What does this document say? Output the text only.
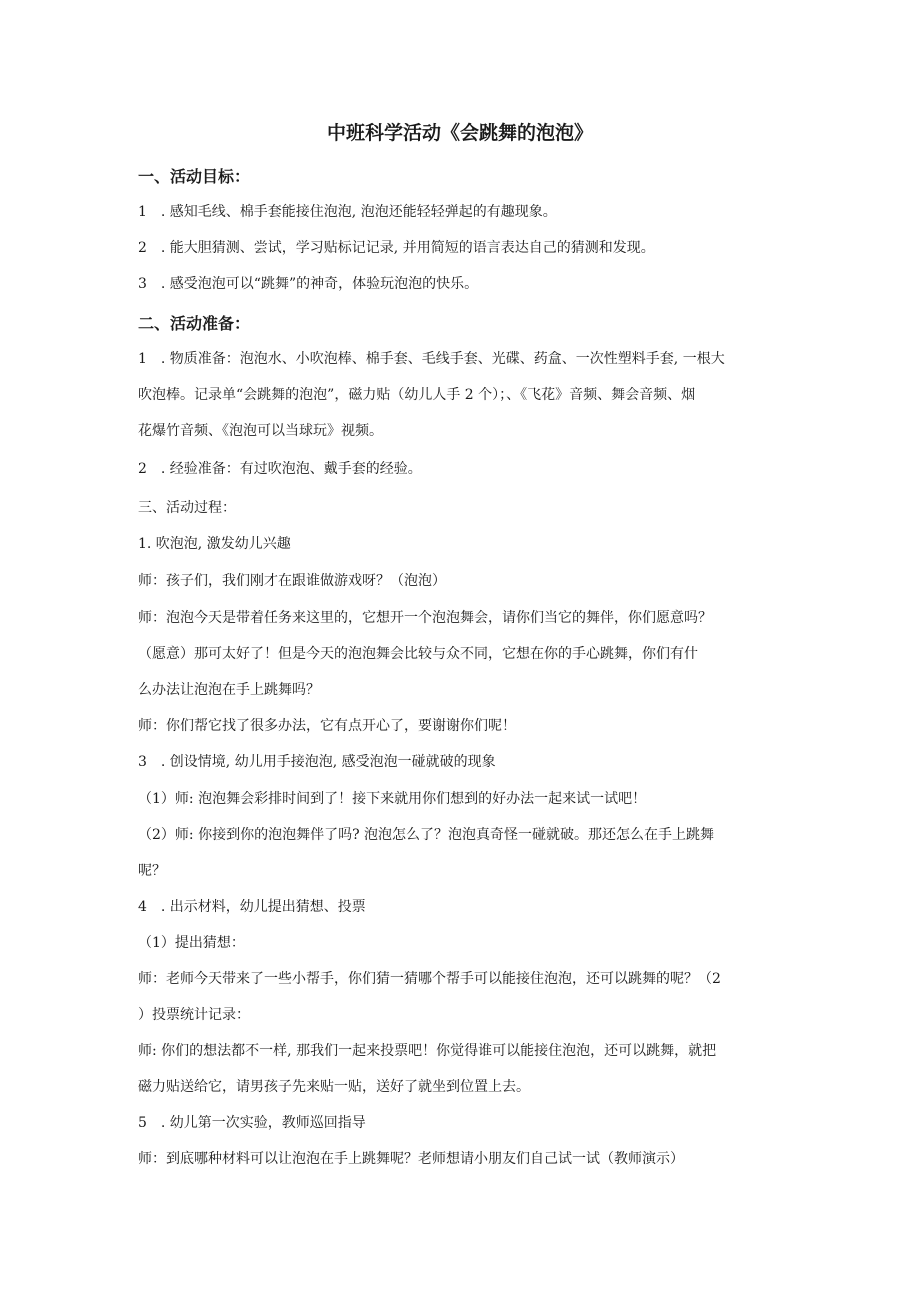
中班科学活动《会跳舞的泡泡》
一、活动目标：

1　. 感知毛线、棉手套能接住泡泡, 泡泡还能轻轻弹起的有趣现象。

2　. 能大胆猜测、尝试，学习贴标记记录, 并用简短的语言表达自己的猜测和发现。

3　. 感受泡泡可以“跳舞”的神奇，体验玩泡泡的快乐。

二、活动准备：

1　. 物质准备：泡泡水、小吹泡棒、棉手套、毛线手套、光碟、药盒、一次性塑料手套, 一根大

吹泡棒。记录单“会跳舞的泡泡”，磁力贴（幼儿人手 2 个）；、《飞花》音频、舞会音频、烟

花爆竹音频、《泡泡可以当球玩》视频。

2　. 经验准备：有过吹泡泡、戴手套的经验。

三、活动过程：

1. 吹泡泡, 激发幼儿兴趣

师：孩子们，我们刚才在跟谁做游戏呀？（泡泡）

师：泡泡今天是带着任务来这里的，它想开一个泡泡舞会，请你们当它的舞伴，你们愿意吗？

（愿意）那可太好了！但是今天的泡泡舞会比较与众不同，它想在你的手心跳舞，你们有什

么办法让泡泡在手上跳舞吗？

师：你们帮它找了很多办法，它有点开心了，要谢谢你们呢！

3　. 创设情境, 幼儿用手接泡泡, 感受泡泡一碰就破的现象

（1）师: 泡泡舞会彩排时间到了！接下来就用你们想到的好办法一起来试一试吧！

（2）师: 你接到你的泡泡舞伴了吗? 泡泡怎么了？泡泡真奇怪一碰就破。那还怎么在手上跳舞

呢？

4　. 出示材料，幼儿提出猜想、投票

（1）提出猜想：

师：老师今天带来了一些小帮手，你们猜一猜哪个帮手可以能接住泡泡，还可以跳舞的呢？（2

）投票统计记录：

师: 你们的想法都不一样, 那我们一起来投票吧！你觉得谁可以能接住泡泡，还可以跳舞，就把

磁力贴送给它，请男孩子先来贴一贴，送好了就坐到位置上去。

5　. 幼儿第一次实验，教师巡回指导

师：到底哪种材料可以让泡泡在手上跳舞呢？老师想请小朋友们自己试一试（教师演示）
